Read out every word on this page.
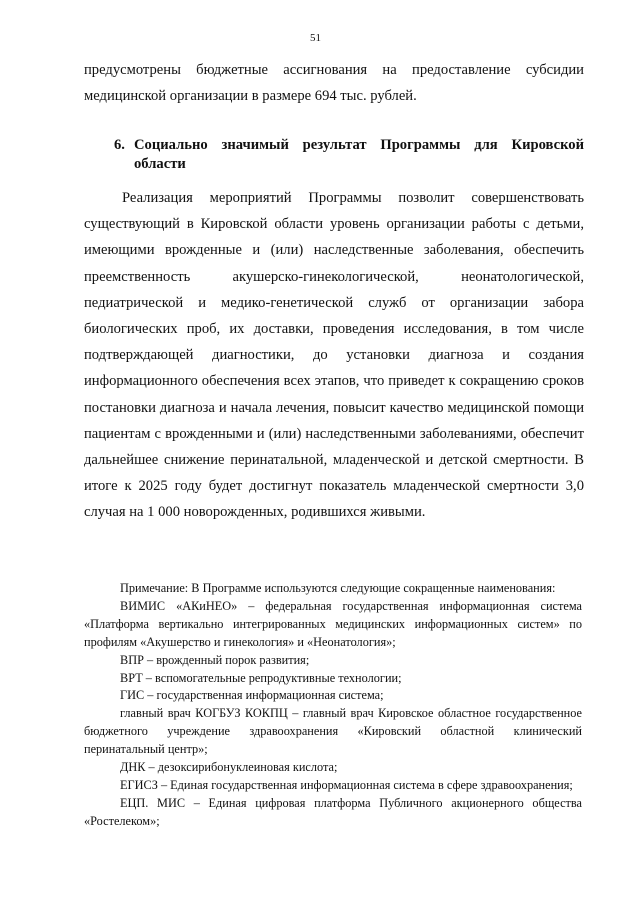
51
предусмотрены бюджетные ассигнования на предоставление субсидии
медицинской организации в размере 694 тыс. рублей.
6. Социально значимый результат Программы для Кировской области

Реализация мероприятий Программы позволит совершенствовать существующий в Кировской области уровень организации работы с детьми, имеющими врожденные и (или) наследственные заболевания, обеспечить преемственность акушерско-гинекологической, неонатологической, педиатрической и медико-генетической служб от организации забора биологических проб, их доставки, проведения исследования, в том числе подтверждающей диагностики, до установки диагноза и создания информационного обеспечения всех этапов, что приведет к сокращению сроков постановки диагноза и начала лечения, повысит качество медицинской помощи пациентам с врожденными и (или) наследственными заболеваниями, обеспечит дальнейшее снижение перинатальной, младенческой и детской смертности. В итоге к 2025 году будет достигнут показатель младенческой смертности 3,0 случая на 1 000 новорожденных, родившихся живыми.

Примечание: В Программе используются следующие сокращенные наименования:

ВИМИС «АКиНЕО» – федеральная государственная информационная система «Платформа вертикально интегрированных медицинских информационных систем» по профилям «Акушерство и гинекология» и «Неонатология»;

ВПР – врожденный порок развития;

ВРТ – вспомогательные репродуктивные технологии;

ГИС – государственная информационная система;

главный врач КОГБУЗ КОКПЦ – главный врач Кировское областное государственное бюджетного учреждение здравоохранения «Кировский областной клинический перинатальный центр»;

ДНК – дезоксирибонуклеиновая кислота;

ЕГИСЗ – Единая государственная информационная система в сфере здравоохранения;

ЕЦП. МИС – Единая цифровая платформа Публичного акционерного общества «Ростелеком»;
